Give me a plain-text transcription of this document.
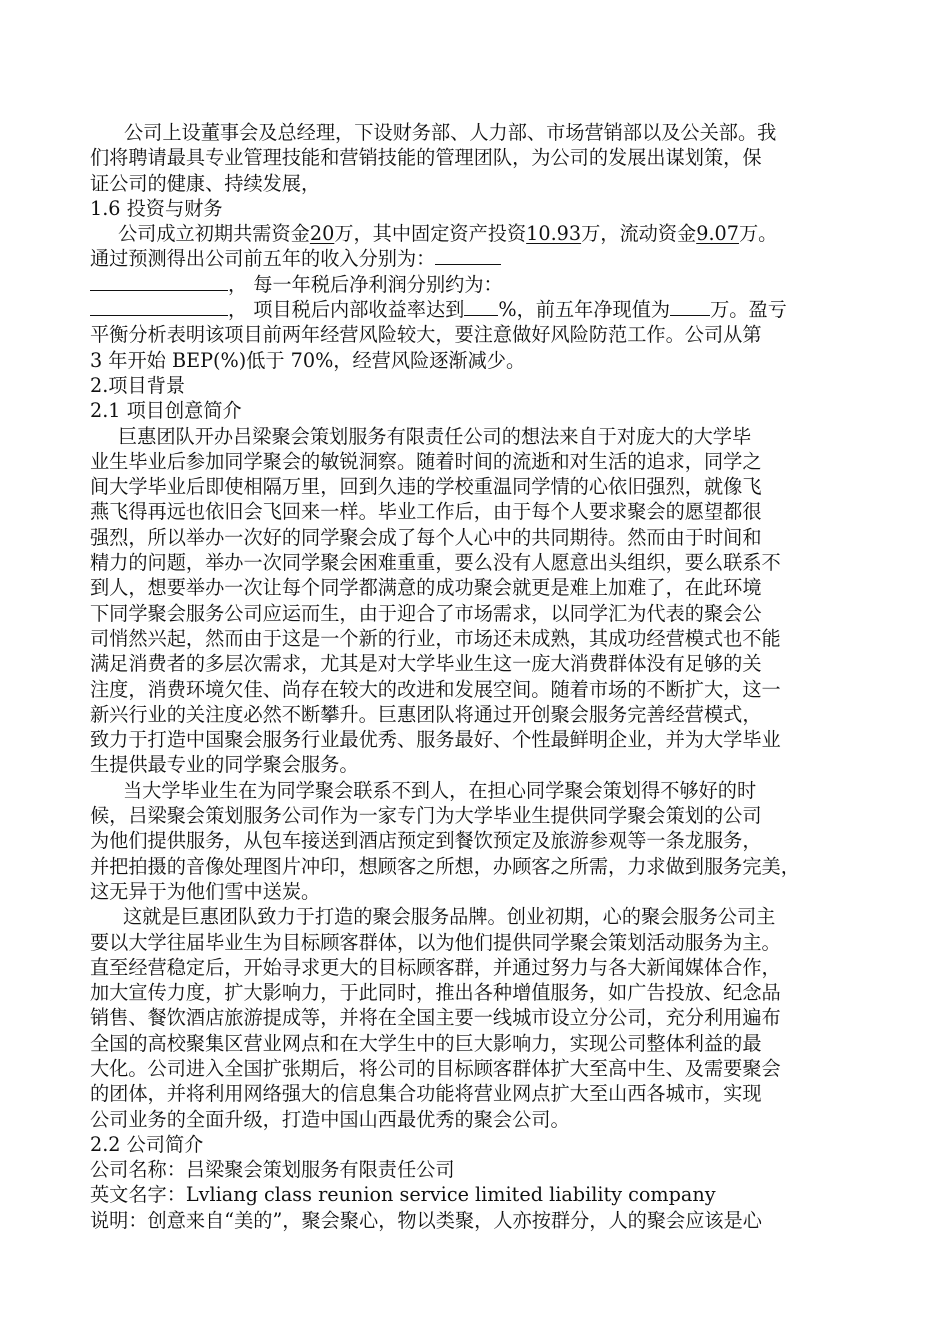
公司上设董事会及总经理，下设财务部、人力部、市场营销部以及公关部。我
们将聘请最具专业管理技能和营销技能的管理团队，为公司的发展出谋划策，保
证公司的健康、持续发展，
1.6 投资与财务
公司成立初期共需资金20万，其中固定资产投资10.93万，流动资金9.07万。
通过预测得出公司前五年的收入分别为：
， 每一年税后净利润分别约为：
， 项目税后内部收益率达到 %，前五年净现值为 万。盈亏
平衡分析表明该项目前两年经营风险较大，要注意做好风险防范工作。公司从第
3 年开始 BEP(%)低于 70%，经营风险逐渐减少。
2.项目背景
2.1 项目创意简介
巨惠团队开办吕梁聚会策划服务有限责任公司的想法来自于对庞大的大学毕
业生毕业后参加同学聚会的敏锐洞察。随着时间的流逝和对生活的追求，同学之
间大学毕业后即使相隔万里，回到久违的学校重温同学情的心依旧强烈，就像飞
燕飞得再远也依旧会飞回来一样。毕业工作后，由于每个人要求聚会的愿望都很
强烈，所以举办一次好的同学聚会成了每个人心中的共同期待。然而由于时间和
精力的问题，举办一次同学聚会困难重重，要么没有人愿意出头组织，要么联系不
到人，想要举办一次让每个同学都满意的成功聚会就更是难上加难了，在此环境
下同学聚会服务公司应运而生，由于迎合了市场需求，以同学汇为代表的聚会公
司悄然兴起，然而由于这是一个新的行业，市场还未成熟，其成功经营模式也不能
满足消费者的多层次需求，尤其是对大学毕业生这一庞大消费群体没有足够的关
注度，消费环境欠佳、尚存在较大的改进和发展空间。随着市场的不断扩大，这一
新兴行业的关注度必然不断攀升。巨惠团队将通过开创聚会服务完善经营模式，
致力于打造中国聚会服务行业最优秀、服务最好、个性最鲜明企业，并为大学毕业
生提供最专业的同学聚会服务。
当大学毕业生在为同学聚会联系不到人，在担心同学聚会策划得不够好的时
候，吕梁聚会策划服务公司作为一家专门为大学毕业生提供同学聚会策划的公司
为他们提供服务，从包车接送到酒店预定到餐饮预定及旅游参观等一条龙服务，
并把拍摄的音像处理图片冲印，想顾客之所想，办顾客之所需，力求做到服务完美，
这无异于为他们雪中送炭。
这就是巨惠团队致力于打造的聚会服务品牌。创业初期，心的聚会服务公司主
要以大学往届毕业生为目标顾客群体，以为他们提供同学聚会策划活动服务为主。
直至经营稳定后，开始寻求更大的目标顾客群，并通过努力与各大新闻媒体合作，
加大宣传力度，扩大影响力，于此同时，推出各种增值服务，如广告投放、纪念品
销售、餐饮酒店旅游提成等，并将在全国主要一线城市设立分公司，充分利用遍布
全国的高校聚集区营业网点和在大学生中的巨大影响力，实现公司整体利益的最
大化。公司进入全国扩张期后，将公司的目标顾客群体扩大至高中生、及需要聚会
的团体，并将利用网络强大的信息集合功能将营业网点扩大至山西各城市，实现
公司业务的全面升级，打造中国山西最优秀的聚会公司。
2.2 公司简介
公司名称：吕梁聚会策划服务有限责任公司
英文名字：Lvliang class reunion service limited liability company
说明：创意来自“美的”，聚会聚心，物以类聚，人亦按群分，人的聚会应该是心
